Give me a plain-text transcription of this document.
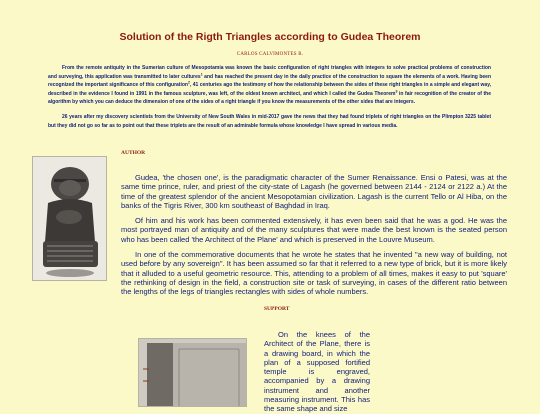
Solution of the Rigth Triangles according to Gudea Theorem
CARLOS CALVIMONTES R.

From the remote antiquity in the Sumerian culture of Mesopotamia was known the basic configuration of right triangles with integers to solve practical problems of construction and surveying, this application was transmitted to later cultures$^1$ and has reached the present day in the daily practice of the construction to square the elements of a work. Having been recognized the important significance of this configuration$^2$, 41 centuries ago the testimony of how the relationship between the sides of these right triangles in a simple and elegant way, described in the evidence I found in 1991 in the famous sculpture, was left, of the oldest known architect, and which I called the Gudea Theorem$^3$ in fair recognition of the creator of the algorithm by which you can deduce the dimension of one of the sides of a right triangle if you know the measurements of the other sides that are integers.

26 years after my discovery scientists from the University of New South Wales in mid-2017 gave the news that they had found triplets of right triangles on the Plimpton 3225 tablet but they did not go so far as to point out that these triplets are the result of an admirable formula whose knowledge I have spread in various media.

AUTHOR

Gudea, 'the chosen one', is the paradigmatic character of the Sumer Renaissance. Ensi o Patesi, was at the same time prince, ruler, and priest of the city-state of Lagash (he governed between 2144 - 2124 or 2122 a.) At the time of the greatest splendor of the ancient Mesopotamian civilization. Lagash is the current Tello or Al Hiba, on the banks of the Tigris River, 300 km southeast of Baghdad in Iraq.

Of him and his work has been commented extensively, it has even been said that he was a god. He was the most portrayed man of antiquity and of the many sculptures that were made the best known is the seated person who has been called 'the Architect of the Plane' and which is preserved in the Louvre Museum.

In one of the commemorative documents that he wrote he states that he invented "a new way of building, not used before by any sovereign". It has been assumed so far that it referred to a new type of brick, but it is more likely that it alluded to a useful geometric resource. This, attending to a problem of all times, makes it easy to put 'square' the rethinking of design in the field, a construction site or task of surveying, in cases of the different ratio between the lengths of the legs of triangles rectangles with sides of whole numbers.

SUPPORT

On the knees of the Architect of the Plane, there is a drawing board, in which the plan of a supposed fortified temple is engraved, accompanied by a drawing instrument and another measuring instrument. This has the same shape and size
